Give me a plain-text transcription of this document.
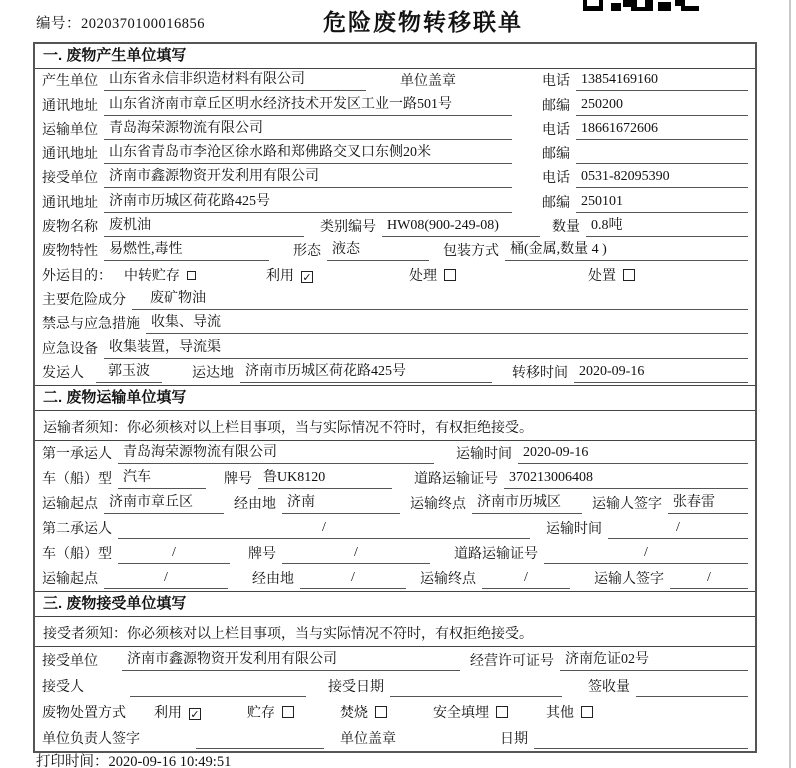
编号：2020370100016856	危险废物转移联单
一. 废物产生单位填写
产生单位 山东省永信非织造材料有限公司	单位盖章	电话 13854169160
通讯地址 山东省济南市章丘区明水经济技术开发区工业一路501号	邮编 250200
运输单位 青岛海荣源物流有限公司	电话 18661672606
通讯地址 山东省青岛市李沧区徐水路和郑佛路交叉口东侧20米	邮编
接受单位 济南市鑫源物资开发利用有限公司	电话 0531-82095390
通讯地址 济南市历城区荷花路425号	邮编 250101
废物名称 废机油	类别编号 HW08(900-249-08)	数量 0.8吨
废物特性 易燃性,毒性	形态 液态	包装方式 桶(金属,数量 4 )
外运目的： 中转贮存	利用 ✓	处理	处置
主要危险成分	废矿物油
禁忌与应急措施 收集、导流
应急设备 收集装置，导流渠
发运人	郭玉波	运达地 济南市历城区荷花路425号	转移时间 2020-09-16
二. 废物运输单位填写
运输者须知：你必须核对以上栏目事项，当与实际情况不符时，有权拒绝接受。
第一承运人 青岛海荣源物流有限公司	运输时间 2020-09-16
车（船）型 汽车	牌号 鲁UK8120	道路运输证号 370213006408
运输起点 济南市章丘区	经由地 济南	运输终点 济南市历城区	运输人签字 张春雷
第二承运人	/	运输时间	/
车（船）型	/	牌号	/	道路运输证号	/
运输起点	/	经由地	/	运输终点	/	运输人签字	/
三. 废物接受单位填写
接受者须知：你必须核对以上栏目事项，当与实际情况不符时，有权拒绝接受。
接受单位	济南市鑫源物资开发利用有限公司	经营许可证号 济南危证02号
接受人	接受日期	签收量
废物处置方式 利用 ✓	贮存	焚烧	安全填埋	其他
单位负责人签字	单位盖章	日期
打印时间：2020-09-16 10:49:51
